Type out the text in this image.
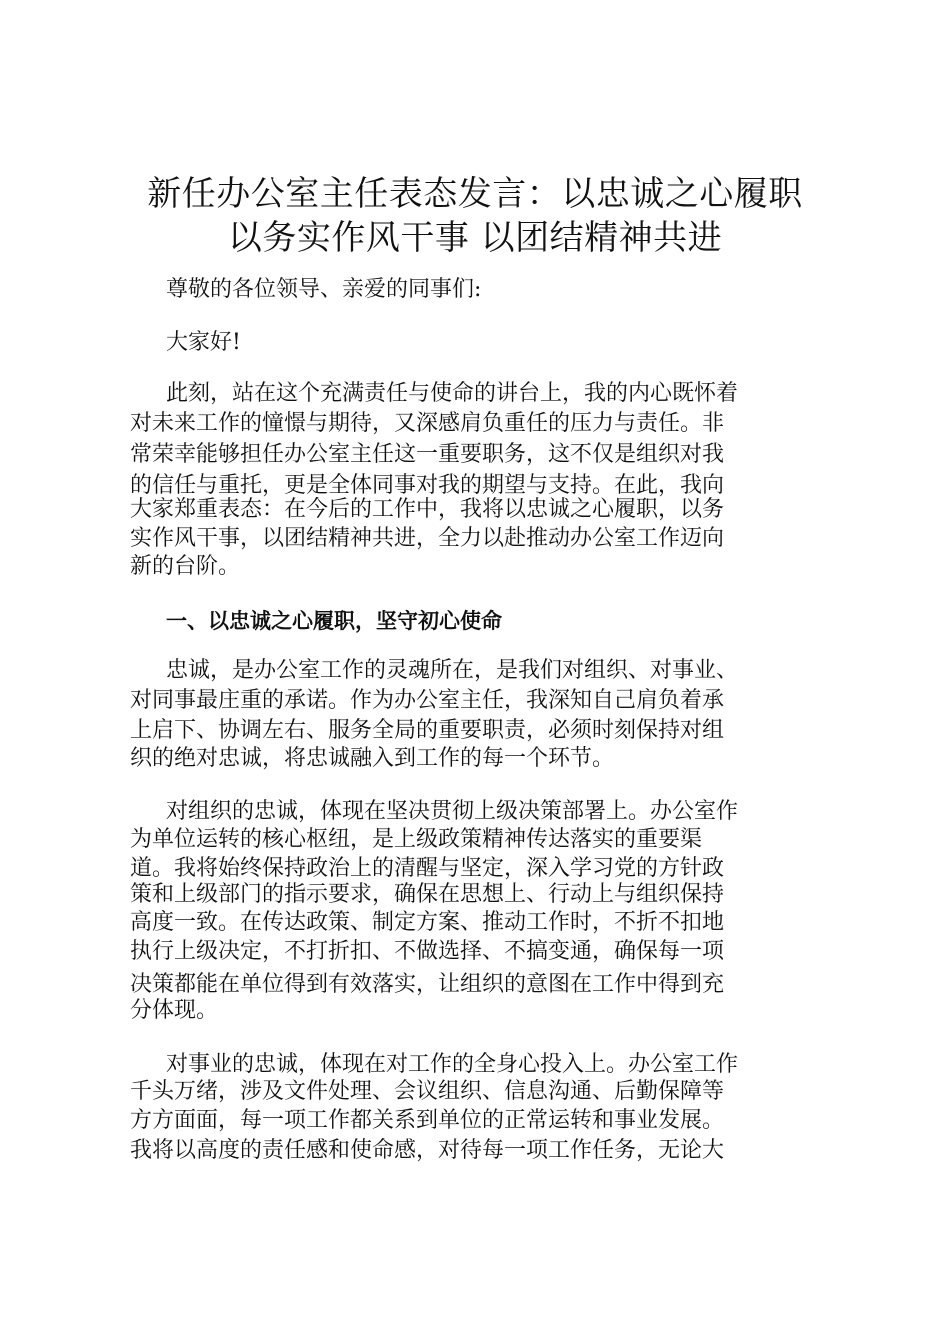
新任办公室主任表态发言：以忠诚之心履职
以务实作风干事 以团结精神共进

尊敬的各位领导、亲爱的同事们:

大家好!

此刻，站在这个充满责任与使命的讲台上，我的内心既怀着

对未来工作的憧憬与期待，又深感肩负重任的压力与责任。非

常荣幸能够担任办公室主任这一重要职务，这不仅是组织对我

的信任与重托，更是全体同事对我的期望与支持。在此，我向

大家郑重表态：在今后的工作中，我将以忠诚之心履职，以务

实作风干事，以团结精神共进，全力以赴推动办公室工作迈向

新的台阶。

一、以忠诚之心履职，坚守初心使命

忠诚，是办公室工作的灵魂所在，是我们对组织、对事业、

对同事最庄重的承诺。作为办公室主任，我深知自己肩负着承

上启下、协调左右、服务全局的重要职责，必须时刻保持对组

织的绝对忠诚，将忠诚融入到工作的每一个环节。

对组织的忠诚，体现在坚决贯彻上级决策部署上。办公室作

为单位运转的核心枢纽，是上级政策精神传达落实的重要渠

道。我将始终保持政治上的清醒与坚定，深入学习党的方针政

策和上级部门的指示要求，确保在思想上、行动上与组织保持

高度一致。在传达政策、制定方案、推动工作时，不折不扣地

执行上级决定，不打折扣、不做选择、不搞变通，确保每一项

决策都能在单位得到有效落实，让组织的意图在工作中得到充

分体现。

对事业的忠诚，体现在对工作的全身心投入上。办公室工作

千头万绪，涉及文件处理、会议组织、信息沟通、后勤保障等

方方面面，每一项工作都关系到单位的正常运转和事业发展。

我将以高度的责任感和使命感，对待每一项工作任务，无论大
